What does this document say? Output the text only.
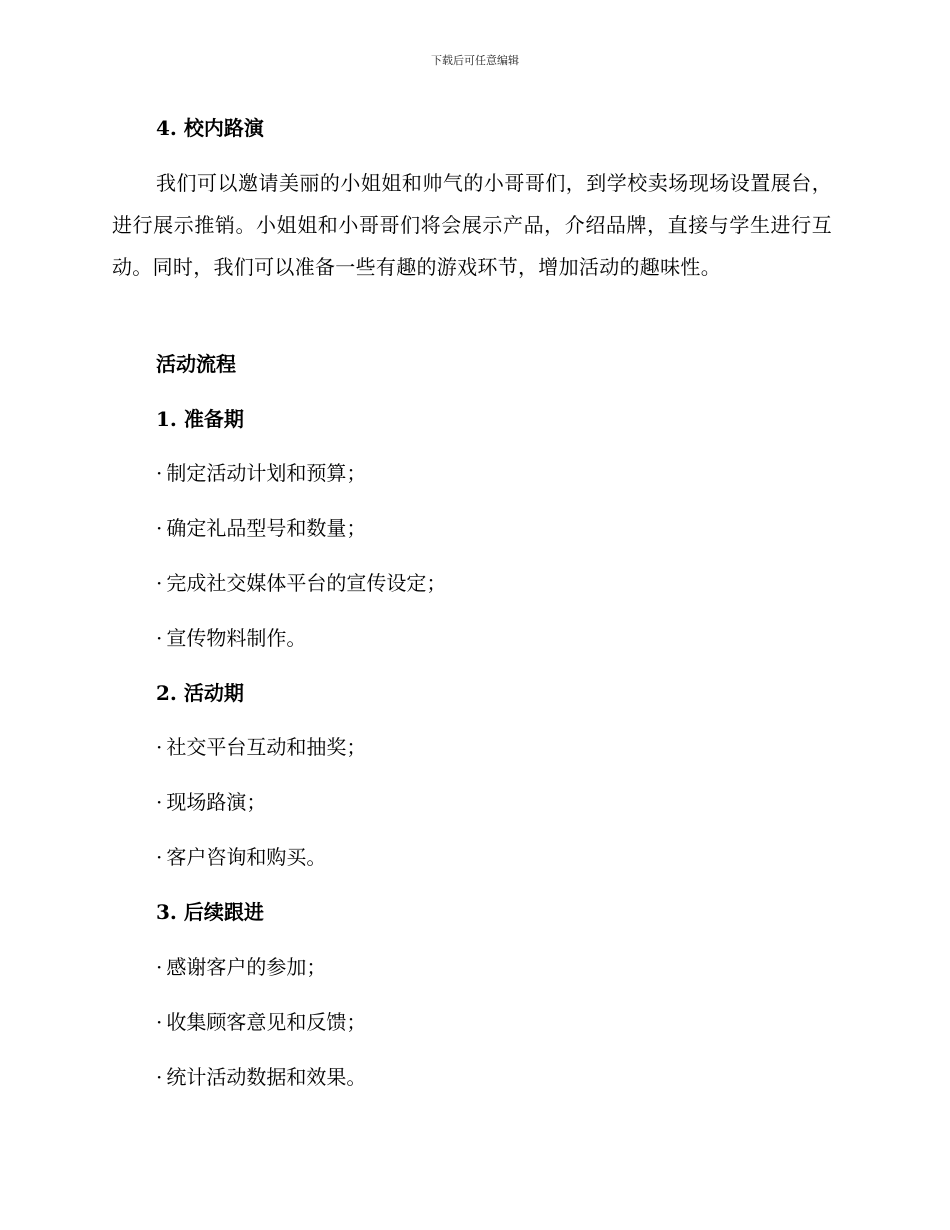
下载后可任意编辑
4. 校内路演
我们可以邀请美丽的小姐姐和帅气的小哥哥们，到学校卖场现场设置展台，进行展示推销。小姐姐和小哥哥们将会展示产品，介绍品牌，直接与学生进行互动。同时，我们可以准备一些有趣的游戏环节，增加活动的趣味性。
活动流程
1. 准备期
· 制定活动计划和预算；
· 确定礼品型号和数量；
· 完成社交媒体平台的宣传设定；
· 宣传物料制作。
2. 活动期
· 社交平台互动和抽奖；
· 现场路演；
· 客户咨询和购买。
3. 后续跟进
· 感谢客户的参加；
· 收集顾客意见和反馈；
· 统计活动数据和效果。
